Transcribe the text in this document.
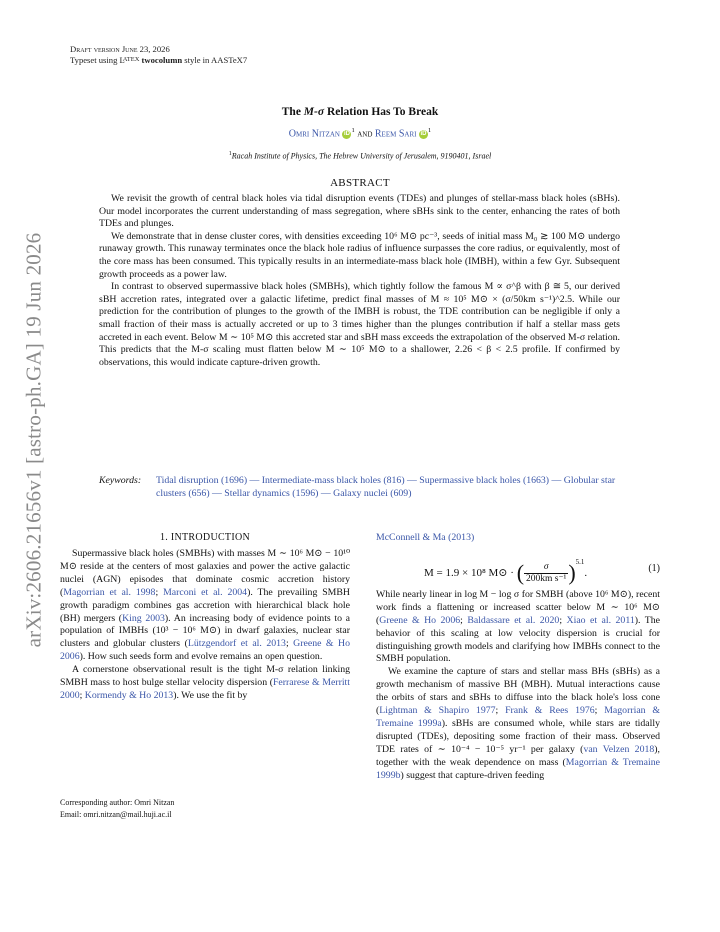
arXiv:2606.21656v1 [astro-ph.GA] 19 Jun 2026
Draft version June 23, 2026
Typeset using $L^{ATEX}$ twocolumn style in AASTeX7
The M-σ Relation Has To Break
Omri Nitzan $iD^1$ and Reem Sari $iD^1$
$^1$Racah Institute of Physics, The Hebrew University of Jerusalem, 9190401, Israel
ABSTRACT

We revisit the growth of central black holes via tidal disruption events (TDEs) and plunges of stellar-mass black holes (sBHs). Our model incorporates the current understanding of mass segregation, where sBHs sink to the center, enhancing the rates of both TDEs and plunges.

We demonstrate that in dense cluster cores, with densities exceeding 10⁶ M⊙ pc⁻³, seeds of initial mass M₀ ≳ 100 M⊙ undergo runaway growth. This runaway terminates once the black hole radius of influence surpasses the core radius, or equivalently, most of the core mass has been consumed. This typically results in an intermediate-mass black hole (IMBH), within a few Gyr. Subsequent growth proceeds as a power law.

In contrast to observed supermassive black holes (SMBHs), which tightly follow the famous M ∝ σ^β with β ≅ 5, our derived sBH accretion rates, integrated over a galactic lifetime, predict final masses of M ≈ 10⁵ M⊙ × (σ/50km s⁻¹)^2.5. While our prediction for the contribution of plunges to the growth of the IMBH is robust, the TDE contribution can be negligible if only a small fraction of their mass is actually accreted or up to 3 times higher than the plunges contribution if half a stellar mass gets accreted in each event. Below M ∼ 10⁵ M⊙ this accreted star and sBH mass exceeds the extrapolation of the observed M-σ relation. This predicts that the M-σ scaling must flatten below M ∼ 10⁵ M⊙ to a shallower, 2.26 < β < 2.5 profile. If confirmed by observations, this would indicate capture-driven growth.

Keywords:	Tidal disruption (1696) — Intermediate-mass black holes (816) — Supermassive black holes (1663) — Globular star clusters (656) — Stellar dynamics (1596) — Galaxy nuclei (609)
1. INTRODUCTION

Supermassive black holes (SMBHs) with masses M ∼ 10⁶ M⊙ − 10¹⁰ M⊙ reside at the centers of most galaxies and power the active galactic nuclei (AGN) episodes that dominate cosmic accretion history (Magorrian et al. 1998; Marconi et al. 2004). The prevailing SMBH growth paradigm combines gas accretion with hierarchical black hole (BH) mergers (King 2003). An increasing body of evidence points to a population of IMBHs (10³ − 10⁶ M⊙) in dwarf galaxies, nuclear star clusters and globular clusters (Lützgendorf et al. 2013; Greene & Ho 2006). How such seeds form and evolve remains an open question.

A cornerstone observational result is the tight M-σ relation linking SMBH mass to host bulge stellar velocity dispersion (Ferrarese & Merritt 2000; Kormendy & Ho 2013). We use the fit by

Corresponding author: Omri Nitzan
Email: omri.nitzan@mail.huji.ac.il

McConnell & Ma (2013)

M = 1.9 × 10⁸ M⊙ · ( $\frac{\sigma}{\text{200km s⁻¹}} )^{5.1}$.	(1)

While nearly linear in log M − log σ for SMBH (above 10⁶ M⊙), recent work finds a flattening or increased scatter below M ∼ 10⁶ M⊙ (Greene & Ho 2006; Baldassare et al. 2020; Xiao et al. 2011). The behavior of this scaling at low velocity dispersion is crucial for distinguishing growth models and clarifying how IMBHs connect to the SMBH population.

We examine the capture of stars and stellar mass BHs (sBHs) as a growth mechanism of massive BH (MBH). Mutual interactions cause the orbits of stars and sBHs to diffuse into the black hole's loss cone (Lightman & Shapiro 1977; Frank & Rees 1976; Magorrian & Tremaine 1999a). sBHs are consumed whole, while stars are tidally disrupted (TDEs), depositing some fraction of their mass. Observed TDE rates of ∼ 10⁻⁴ − 10⁻⁵ yr⁻¹ per galaxy (van Velzen 2018), together with the weak dependence on mass (Magorrian & Tremaine 1999b) suggest that capture-driven feeding
